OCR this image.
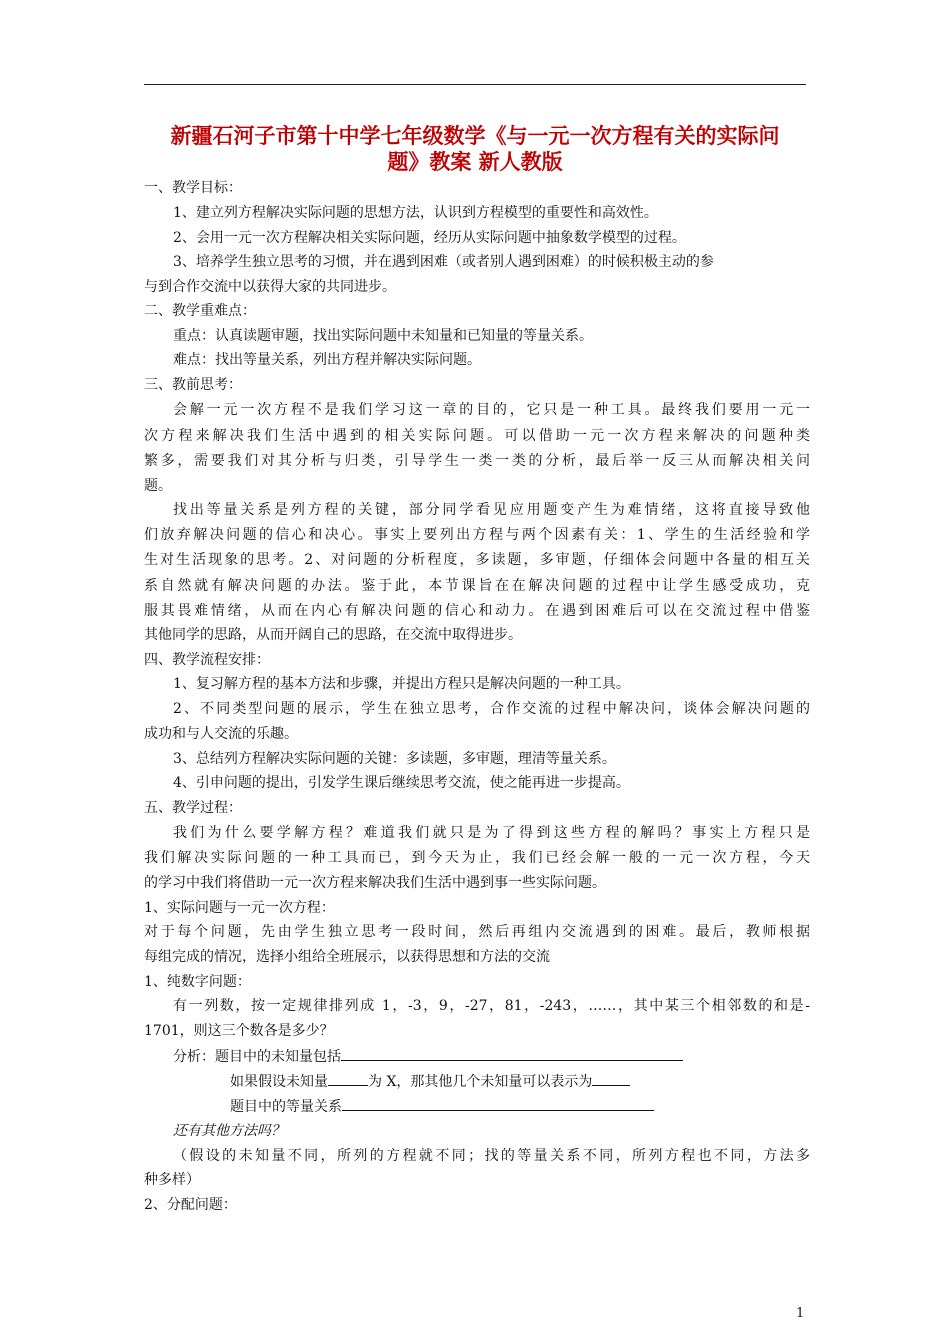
新疆石河子市第十中学七年级数学《与一元一次方程有关的实际问
题》教案 新人教版
一、教学目标：
1、建立列方程解决实际问题的思想方法，认识到方程模型的重要性和高效性。
2、会用一元一次方程解决相关实际问题，经历从实际问题中抽象数学模型的过程。
3、培养学生独立思考的习惯，并在遇到困难（或者别人遇到困难）的时候积极主动的参
与到合作交流中以获得大家的共同进步。
二、教学重难点：
重点：认真读题审题，找出实际问题中未知量和已知量的等量关系。
难点：找出等量关系，列出方程并解决实际问题。
三、教前思考：
会解一元一次方程不是我们学习这一章的目的，它只是一种工具。最终我们要用一元一
次方程来解决我们生活中遇到的相关实际问题。可以借助一元一次方程来解决的问题种类
繁多，需要我们对其分析与归类，引导学生一类一类的分析，最后举一反三从而解决相关问
题。
找出等量关系是列方程的关键，部分同学看见应用题变产生为难情绪，这将直接导致他
们放弃解决问题的信心和决心。事实上要列出方程与两个因素有关：1、学生的生活经验和学
生对生活现象的思考。2、对问题的分析程度，多读题，多审题，仔细体会问题中各量的相互关
系自然就有解决问题的办法。鉴于此，本节课旨在在解决问题的过程中让学生感受成功，克
服其畏难情绪，从而在内心有解决问题的信心和动力。在遇到困难后可以在交流过程中借鉴
其他同学的思路，从而开阔自己的思路，在交流中取得进步。
四、教学流程安排：
1、复习解方程的基本方法和步骤，并提出方程只是解决问题的一种工具。
2、不同类型问题的展示，学生在独立思考，合作交流的过程中解决问，谈体会解决问题的
成功和与人交流的乐趣。
3、总结列方程解决实际问题的关键：多读题，多审题，理清等量关系。
4、引申问题的提出，引发学生课后继续思考交流，使之能再进一步提高。
五、教学过程：
我们为什么要学解方程？难道我们就只是为了得到这些方程的解吗？事实上方程只是
我们解决实际问题的一种工具而已，到今天为止，我们已经会解一般的一元一次方程，今天
的学习中我们将借助一元一次方程来解决我们生活中遇到事一些实际问题。
1、实际问题与一元一次方程：
对于每个问题，先由学生独立思考一段时间，然后再组内交流遇到的困难。最后，教师根据
每组完成的情况，选择小组给全班展示，以获得思想和方法的交流
1、纯数字问题：
有一列数，按一定规律排列成 1，-3，9，-27，81，-243，……，其中某三个相邻数的和是-
1701，则这三个数各是多少？
分析：题目中的未知量包括
如果假设未知量	为 X，那其他几个未知量可以表示为
题目中的等量关系
还有其他方法吗？
（假设的未知量不同，所列的方程就不同；找的等量关系不同，所列方程也不同，方法多
种多样）
2、分配问题：
1
